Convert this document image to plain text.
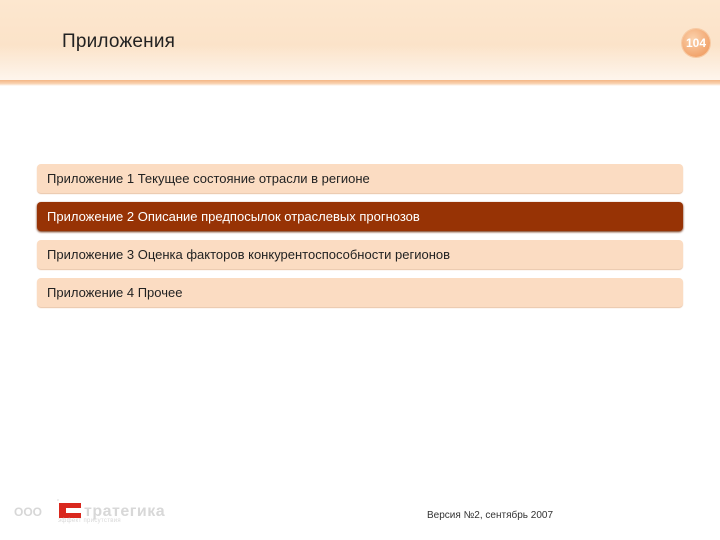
Приложения	104
Приложение 1 Текущее состояние отрасли в регионе
Приложение 2 Описание предпосылок отраслевых прогнозов
Приложение 3 Оценка факторов конкурентоспособности регионов
Приложение 4 Прочее
ООО
“
тратегика
эффект присутствия	Версия №2, сентябрь 2007
